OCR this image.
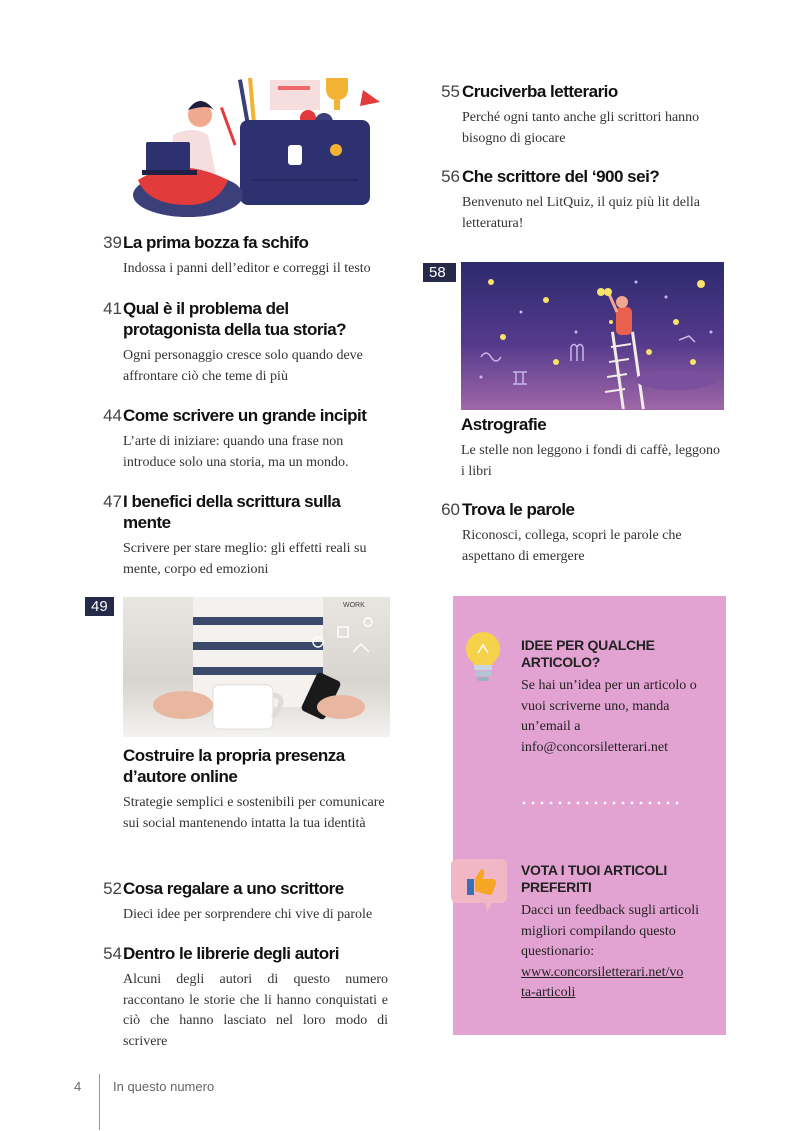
39 La prima bozza fa schifo
Indossa i panni dell’editor e correggi il testo
41 Qual è il problema del protagonista della tua storia?
Ogni personaggio cresce solo quando deve affrontare ciò che teme di più
44 Come scrivere un grande incipit
L’arte di iniziare: quando una frase non introduce solo una storia, ma un mondo.
47 I benefici della scrittura sulla mente
Scrivere per stare meglio: gli effetti reali su mente, corpo ed emozioni
WORK
49
Costruire la propria presenza d’autore online
Strategie semplici e sostenibili per comunicare sui social mantenendo intatta la tua identità
52 Cosa regalare a uno scrittore
Dieci idee per sorprendere chi vive di parole
54 Dentro le librerie degli autori
Alcuni degli autori di questo numero raccontano le storie che li hanno conquistati e ciò che hanno lasciato nel loro modo di scrivere
55 Cruciverba letterario
Perché ogni tanto anche gli scrittori hanno bisogno di giocare
56 Che scrittore del ‘900 sei?
Benvenuto nel LitQuiz, il quiz più lit della letteratura!
58
Astrografie
Le stelle non leggono i fondi di caffè, leggono i libri
60 Trova le parole
Riconosci, collega, scopri le parole che aspettano di emergere
IDEE PER QUALCHE ARTICOLO?
Se hai un’idea per un articolo o vuoi scriverne uno, manda un’email a info@concorsiletterari.net
VOTA I TUOI ARTICOLI PREFERITI
Dacci un feedback sugli articoli migliori compilando questo questionario:
www.concorsiletterari.net/vota-articoli
4 In questo numero
